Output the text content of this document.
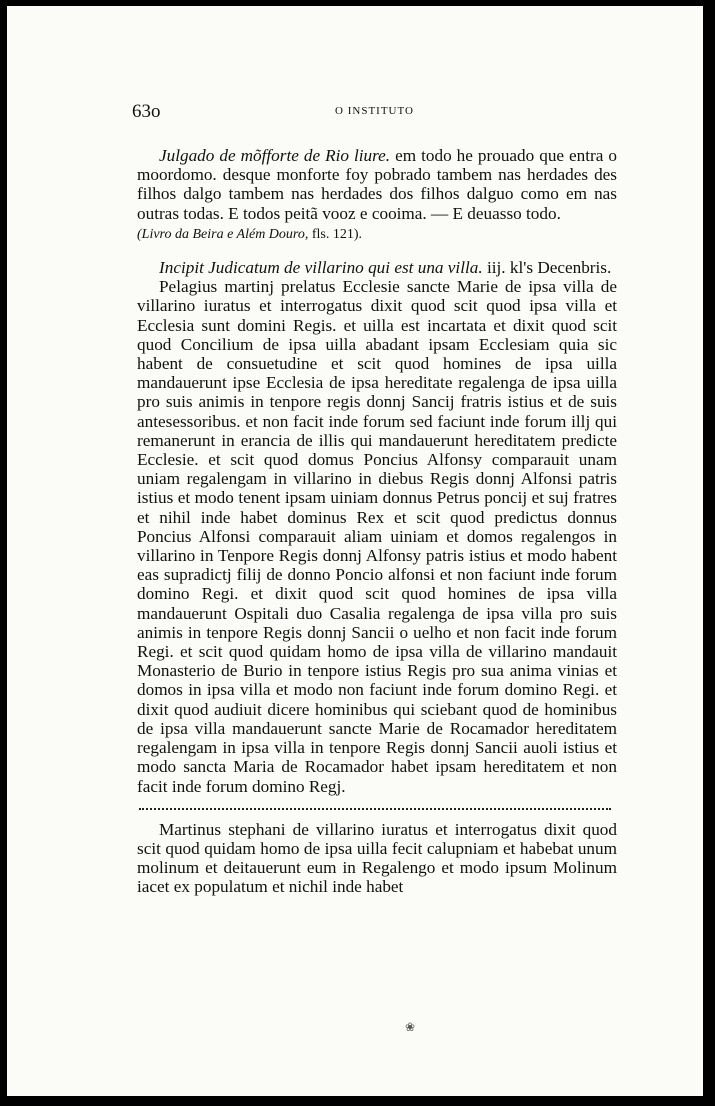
63o	O INSTITUTO

Julgado de mõfforte de Rio liure. em todo he prouado que entra o moordomo. desque monforte foy pobrado tambem nas herdades des filhos dalgo tambem nas herdades dos filhos dalguo como em nas outras todas. E todos peitã vooz e cooima. — E deuasso todo.

(Livro da Beira e Além Douro, fls. 121).

Incipit Judicatum de villarino qui est una villa. iij. kl's Decenbris.

Pelagius martinj prelatus Ecclesie sancte Marie de ipsa villa de villarino iuratus et interrogatus dixit quod scit quod ipsa villa et Ecclesia sunt domini Regis. et uilla est incartata et dixit quod scit quod Concilium de ipsa uilla abadant ipsam Ecclesiam quia sic habent de consuetudine et scit quod homines de ipsa uilla mandauerunt ipse Ecclesia de ipsa hereditate regalenga de ipsa uilla pro suis animis in tenpore regis donnj Sancij fratris istius et de suis antesessoribus. et non facit inde forum sed faciunt inde forum illj qui remanerunt in erancia de illis qui mandauerunt hereditatem predicte Ecclesie. et scit quod domus Poncius Alfonsy comparauit unam uniam regalengam in villarino in diebus Regis donnj Alfonsi patris istius et modo tenent ipsam uiniam donnus Petrus poncij et suj fratres et nihil inde habet dominus Rex et scit quod predictus donnus Poncius Alfonsi comparauit aliam uiniam et domos regalengos in villarino in Tenpore Regis donnj Alfonsy patris istius et modo habent eas supradictj filij de donno Poncio alfonsi et non faciunt inde forum domino Regi. et dixit quod scit quod homines de ipsa villa mandauerunt Ospitali duo Casalia regalenga de ipsa villa pro suis animis in tenpore Regis donnj Sancii o uelho et non facit inde forum Regi. et scit quod quidam homo de ipsa villa de villarino mandauit Monasterio de Burio in tenpore istius Regis pro sua anima vinias et domos in ipsa villa et modo non faciunt inde forum domino Regi. et dixit quod audiuit dicere hominibus qui sciebant quod de hominibus de ipsa villa mandauerunt sancte Marie de Rocamador hereditatem regalengam in ipsa villa in tenpore Regis donnj Sancii auoli istius et modo sancta Maria de Rocamador habet ipsam hereditatem et non facit inde forum domino Regj.

Martinus stephani de villarino iuratus et interrogatus dixit quod scit quod quidam homo de ipsa uilla fecit calupniam et habebat unum molinum et deitauerunt eum in Regalengo et modo ipsum Molinum iacet ex populatum et nichil inde habet

❀
